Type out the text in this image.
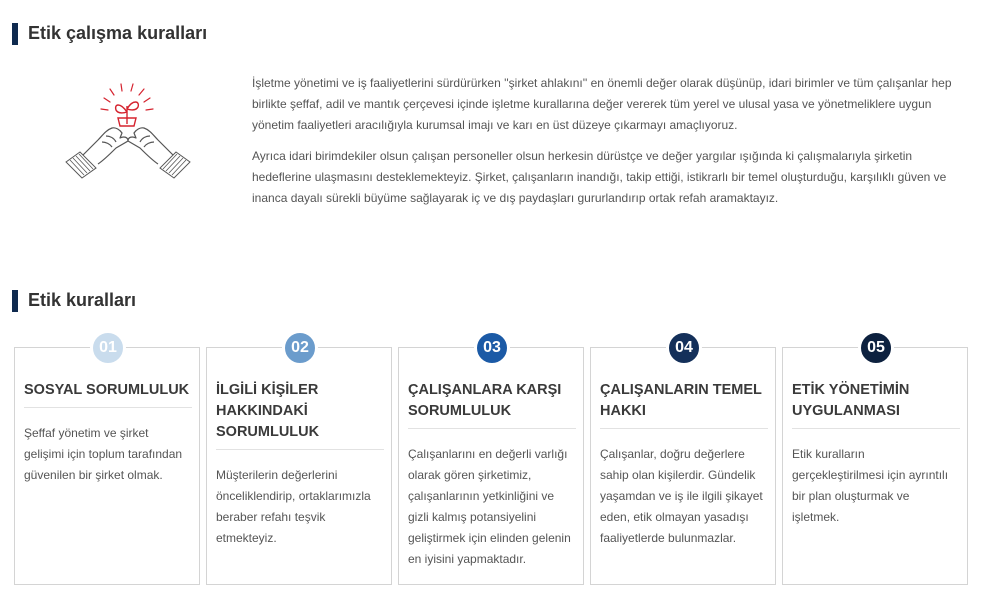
Etik çalışma kuralları

İşletme yönetimi ve iş faaliyetlerini sürdürürken ''şirket ahlakını'' en önemli değer olarak düşünüp, idari birimler ve tüm çalışanlar hep birlikte şeffaf, adil ve mantık çerçevesi içinde işletme kurallarına değer vererek tüm yerel ve ulusal yasa ve yönetmeliklere uygun yönetim faaliyetleri aracılığıyla kurumsal imajı ve karı en üst düzeye çıkarmayı amaçlıyoruz.

Ayrıca idari birimdekiler olsun çalışan personeller olsun herkesin dürüstçe ve değer yargılar ışığında ki çalışmalarıyla şirketin hedeflerine ulaşmasını desteklemekteyiz. Şirket, çalışanların inandığı, takip ettiği, istikrarlı bir temel oluşturduğu, karşılıklı güven ve inanca dayalı sürekli büyüme sağlayarak iç ve dış paydaşları gururlandırıp ortak refah aramaktayız.

Etik kuralları
01
SOSYAL SORUMLULUK
Şeffaf yönetim ve şirket gelişimi için toplum tarafından güvenilen bir şirket olmak.
02
İLGİLİ KİŞİLER HAKKINDAKİ SORUMLULUK
Müşterilerin değerlerini önceliklendirip, ortaklarımızla beraber refahı teşvik etmekteyiz.
03
ÇALIŞANLARA KARŞI SORUMLULUK
Çalışanlarını en değerli varlığı olarak gören şirketimiz, çalışanlarının yetkinliğini ve gizli kalmış potansiyelini geliştirmek için elinden gelenin en iyisini yapmaktadır.
04
ÇALIŞANLARIN TEMEL HAKKI
Çalışanlar, doğru değerlere sahip olan kişilerdir. Gündelik yaşamdan ve iş ile ilgili şikayet eden, etik olmayan yasadışı faaliyetlerde bulunmazlar.
05
ETİK YÖNETİMİN UYGULANMASI
Etik kuralların gerçekleştirilmesi için ayrıntılı bir plan oluşturmak ve işletmek.
